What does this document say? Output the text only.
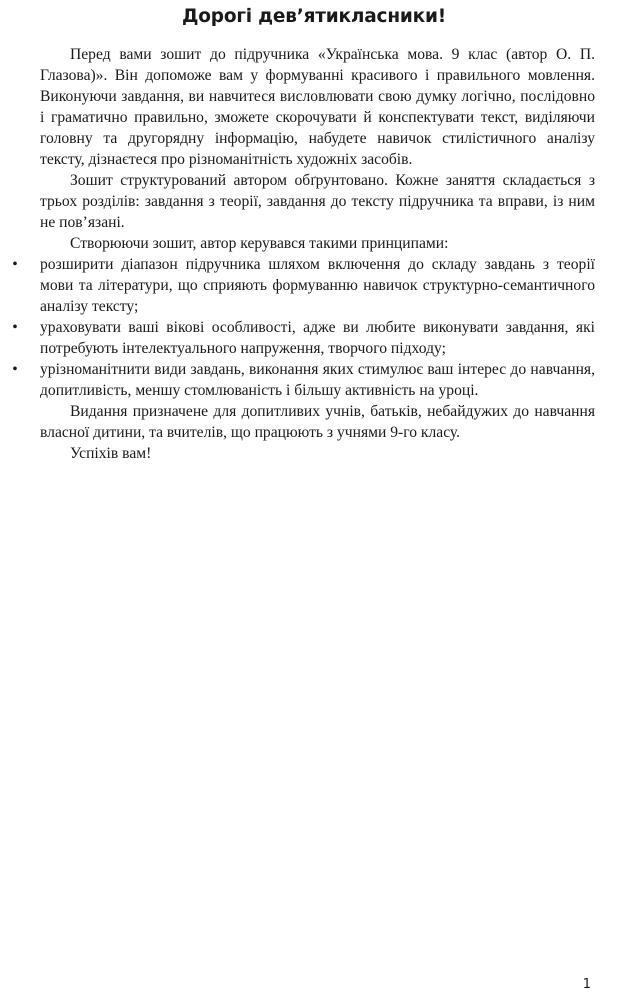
Дорогі дев’ятикласники!

Перед вами зошит до підручника «Українська мова. 9 клас (автор О. П. Глазова)». Він допоможе вам у формуванні красивого і правильного мовлення. Виконуючи завдання, ви навчитеся висловлювати свою думку логічно, послідовно і граматично правильно, зможете скорочувати й конспектувати текст, виділяючи головну та другорядну інформацію, набудете навичок стилістичного аналізу тексту, дізнаєтеся про різноманітність художніх засобів.

Зошит структурований автором обґрунтовано. Кожне заняття складається з трьох розділів: завдання з теорії, завдання до тексту підручника та вправи, із ним не пов’язані.

Створюючи зошит, автор керувався такими принципами:

• розширити діапазон підручника шляхом включення до складу завдань з теорії мови та літератури, що сприяють формуванню навичок структурно-семантичного аналізу тексту;
• ураховувати ваші вікові особливості, адже ви любите виконувати завдання, які потребують інтелектуального напруження, творчого підходу;
• урізноманітнити види завдань, виконання яких стимулює ваш інтерес до навчання, допитливість, меншу стомлюваність і більшу активність на уроці.

Видання призначене для допитливих учнів, батьків, небайдужих до навчання власної дитини, та вчителів, що працюють з учнями 9-го класу.

Успіхів вам!

1
